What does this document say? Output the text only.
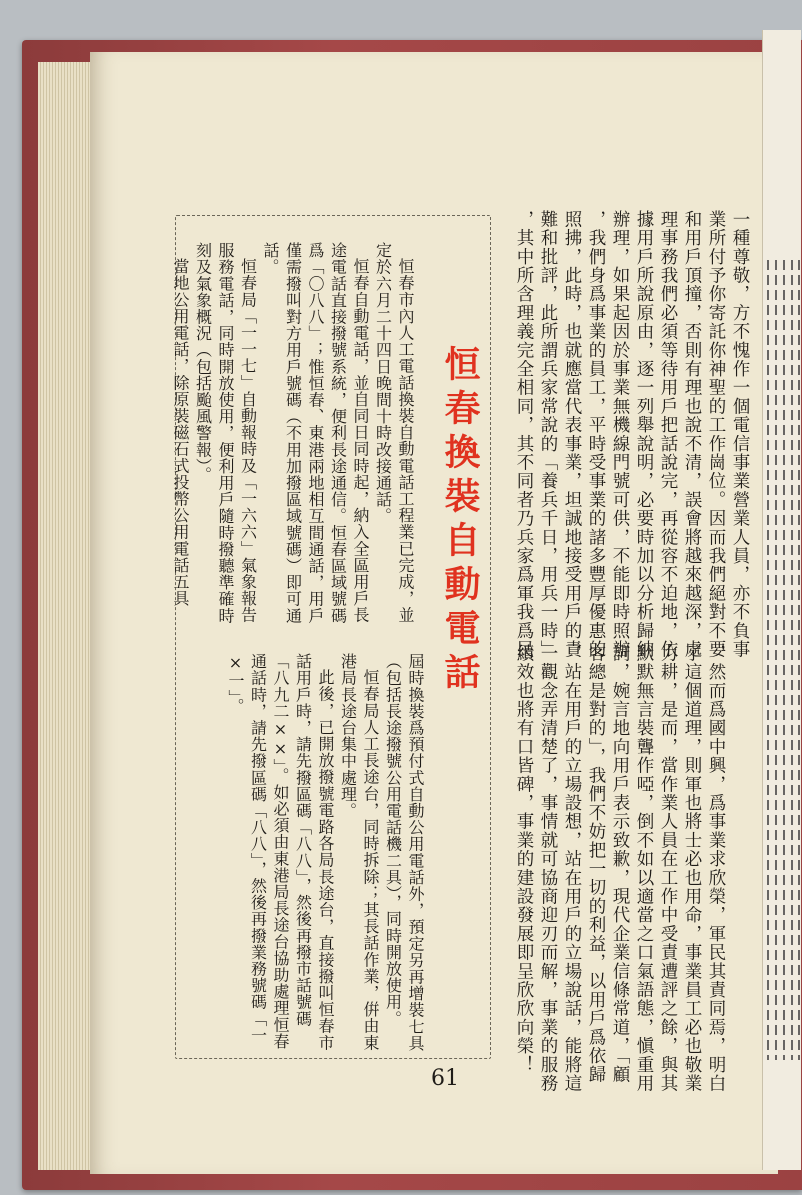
一種尊敬，方不愧作一個電信事業營業人員，亦不負事
業所付予你寄託你神聖的工作崗位。因而我們絕對不要
和用戶頂撞，否則有理也說不清，誤會將越來越深，處
理事務我們必須等待用戶把話說完，再從容不迫地，依
據用戶所說原由，逐一列舉說明，必要時加以分析歸納
辦理，如果起因於事業無機線門號可供，不能即時照辦
，我們身爲事業的員工，平時受事業的諸多豐厚優惠的
照拂，此時，也就應當代表事業，坦誠地接受用戶的責
難和批評，此所謂兵家常說的「養兵千日，用兵一時」
，其中所含理義完全相同，其不同者乃兵家爲軍我爲民
，然而爲國中興，爲事業求欣榮，軍民其責同焉，明白
了這個道理，則軍也將士必也用命，事業員工必也敬業
力耕，是而，當作業人員在工作中受責遭評之餘，與其
默默無言裝聾作啞，倒不如以適當之口氣語態，愼重用
詞，婉言地向用戶表示致歉，現代企業信條常道，「顧
客總是對的」，我們不妨把一切的利益，以用戶爲依歸
，站在用戶的立場設想，站在用戶的立場說話，能將這
一觀念弄清楚了，事情就可協商迎刃而解，事業的服務
績效也將有口皆碑，事業的建設發展即呈欣欣向榮！
恒春換裝自動電話
恒春市內人工電話換裝自動電話工程業已完成，並定於六月二十四日晚間十時改接通話。
恒春自動電話，並自同日同時起，納入全區用戶長途電話直接撥號系統，便利長途通信。恒春區域號碼爲「〇八八」；惟恒春、東港兩地相互間通話，用戶僅需撥叫對方用戶號碼（不用加撥區域號碼）即可通話。
恒春局「一一七」自動報時及「一六六」氣象報告服務電話，同時開放使用，便利用戶隨時撥聽準確時刻及氣象概況（包括颱風警報）。
當地公用電話，除原裝磁石式投幣公用電話五具
屆時換裝爲預付式自動公用電話外，預定另再增裝七具（包括長途撥號公用電話機二具），同時開放使用。
恒春局人工長途台，同時拆除；其長話作業，倂由東港局長途台集中處理。
此後，已開放撥號電路各局長途台，直接撥叫恒春市話用戶時，請先撥區碼「八八」，然後再撥市話號碼「八九二××」。如必須由東港局長途台協助處理恒春通話時，請先撥區碼「八八」，然後再撥業務號碼「一×一」。
61
